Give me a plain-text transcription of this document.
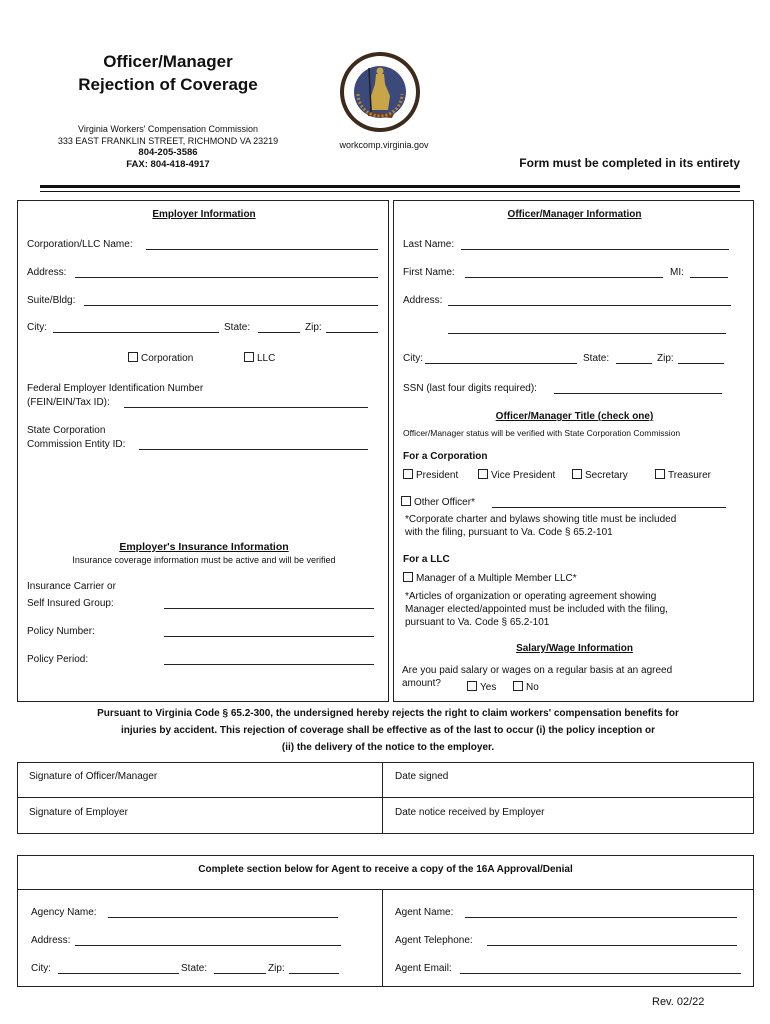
Officer/Manager
Rejection of Coverage
Virginia Workers' Compensation Commission
333 EAST FRANKLIN STREET, RICHMOND VA 23219
804-205-3586
FAX: 804-418-4917
workcomp.virginia.gov
Form must be completed in its entirety
Employer Information
Corporation/LLC Name:
Address:
Suite/Bldg:
City:	State:	Zip:
Corporation	LLC
Federal Employer Identification Number
(FEIN/EIN/Tax ID):
State Corporation
Commission Entity ID:
Employer's Insurance Information
Insurance coverage information must be active and will be verified
Insurance Carrier or
Self Insured Group:
Policy Number:
Policy Period:
Officer/Manager Information
Last Name:
First Name:	MI:
Address:
City:	State:	Zip:
SSN (last four digits required):
Officer/Manager Title (check one)
Officer/Manager status will be verified with State Corporation Commission
For a Corporation
President	Vice President	Secretary	Treasurer
Other Officer*
*Corporate charter and bylaws showing title must be included
with the filing, pursuant to Va. Code § 65.2-101
For a LLC
Manager of a Multiple Member LLC*
*Articles of organization or operating agreement showing
Manager elected/appointed must be included with the filing,
pursuant to Va. Code § 65.2-101
Salary/Wage Information
Are you paid salary or wages on a regular basis at an agreed
amount?	Yes	No
Pursuant to Virginia Code § 65.2-300, the undersigned hereby rejects the right to claim workers' compensation benefits for
injuries by accident. This rejection of coverage shall be effective as of the last to occur (i) the policy inception or
(ii) the delivery of the notice to the employer.
Signature of Officer/Manager	Date signed
Signature of Employer	Date notice received by Employer
Complete section below for Agent to receive a copy of the 16A Approval/Denial
Agency Name:
Address:
City:	State:	Zip:
Agent Name:
Agent Telephone:
Agent Email:
Rev. 02/22
